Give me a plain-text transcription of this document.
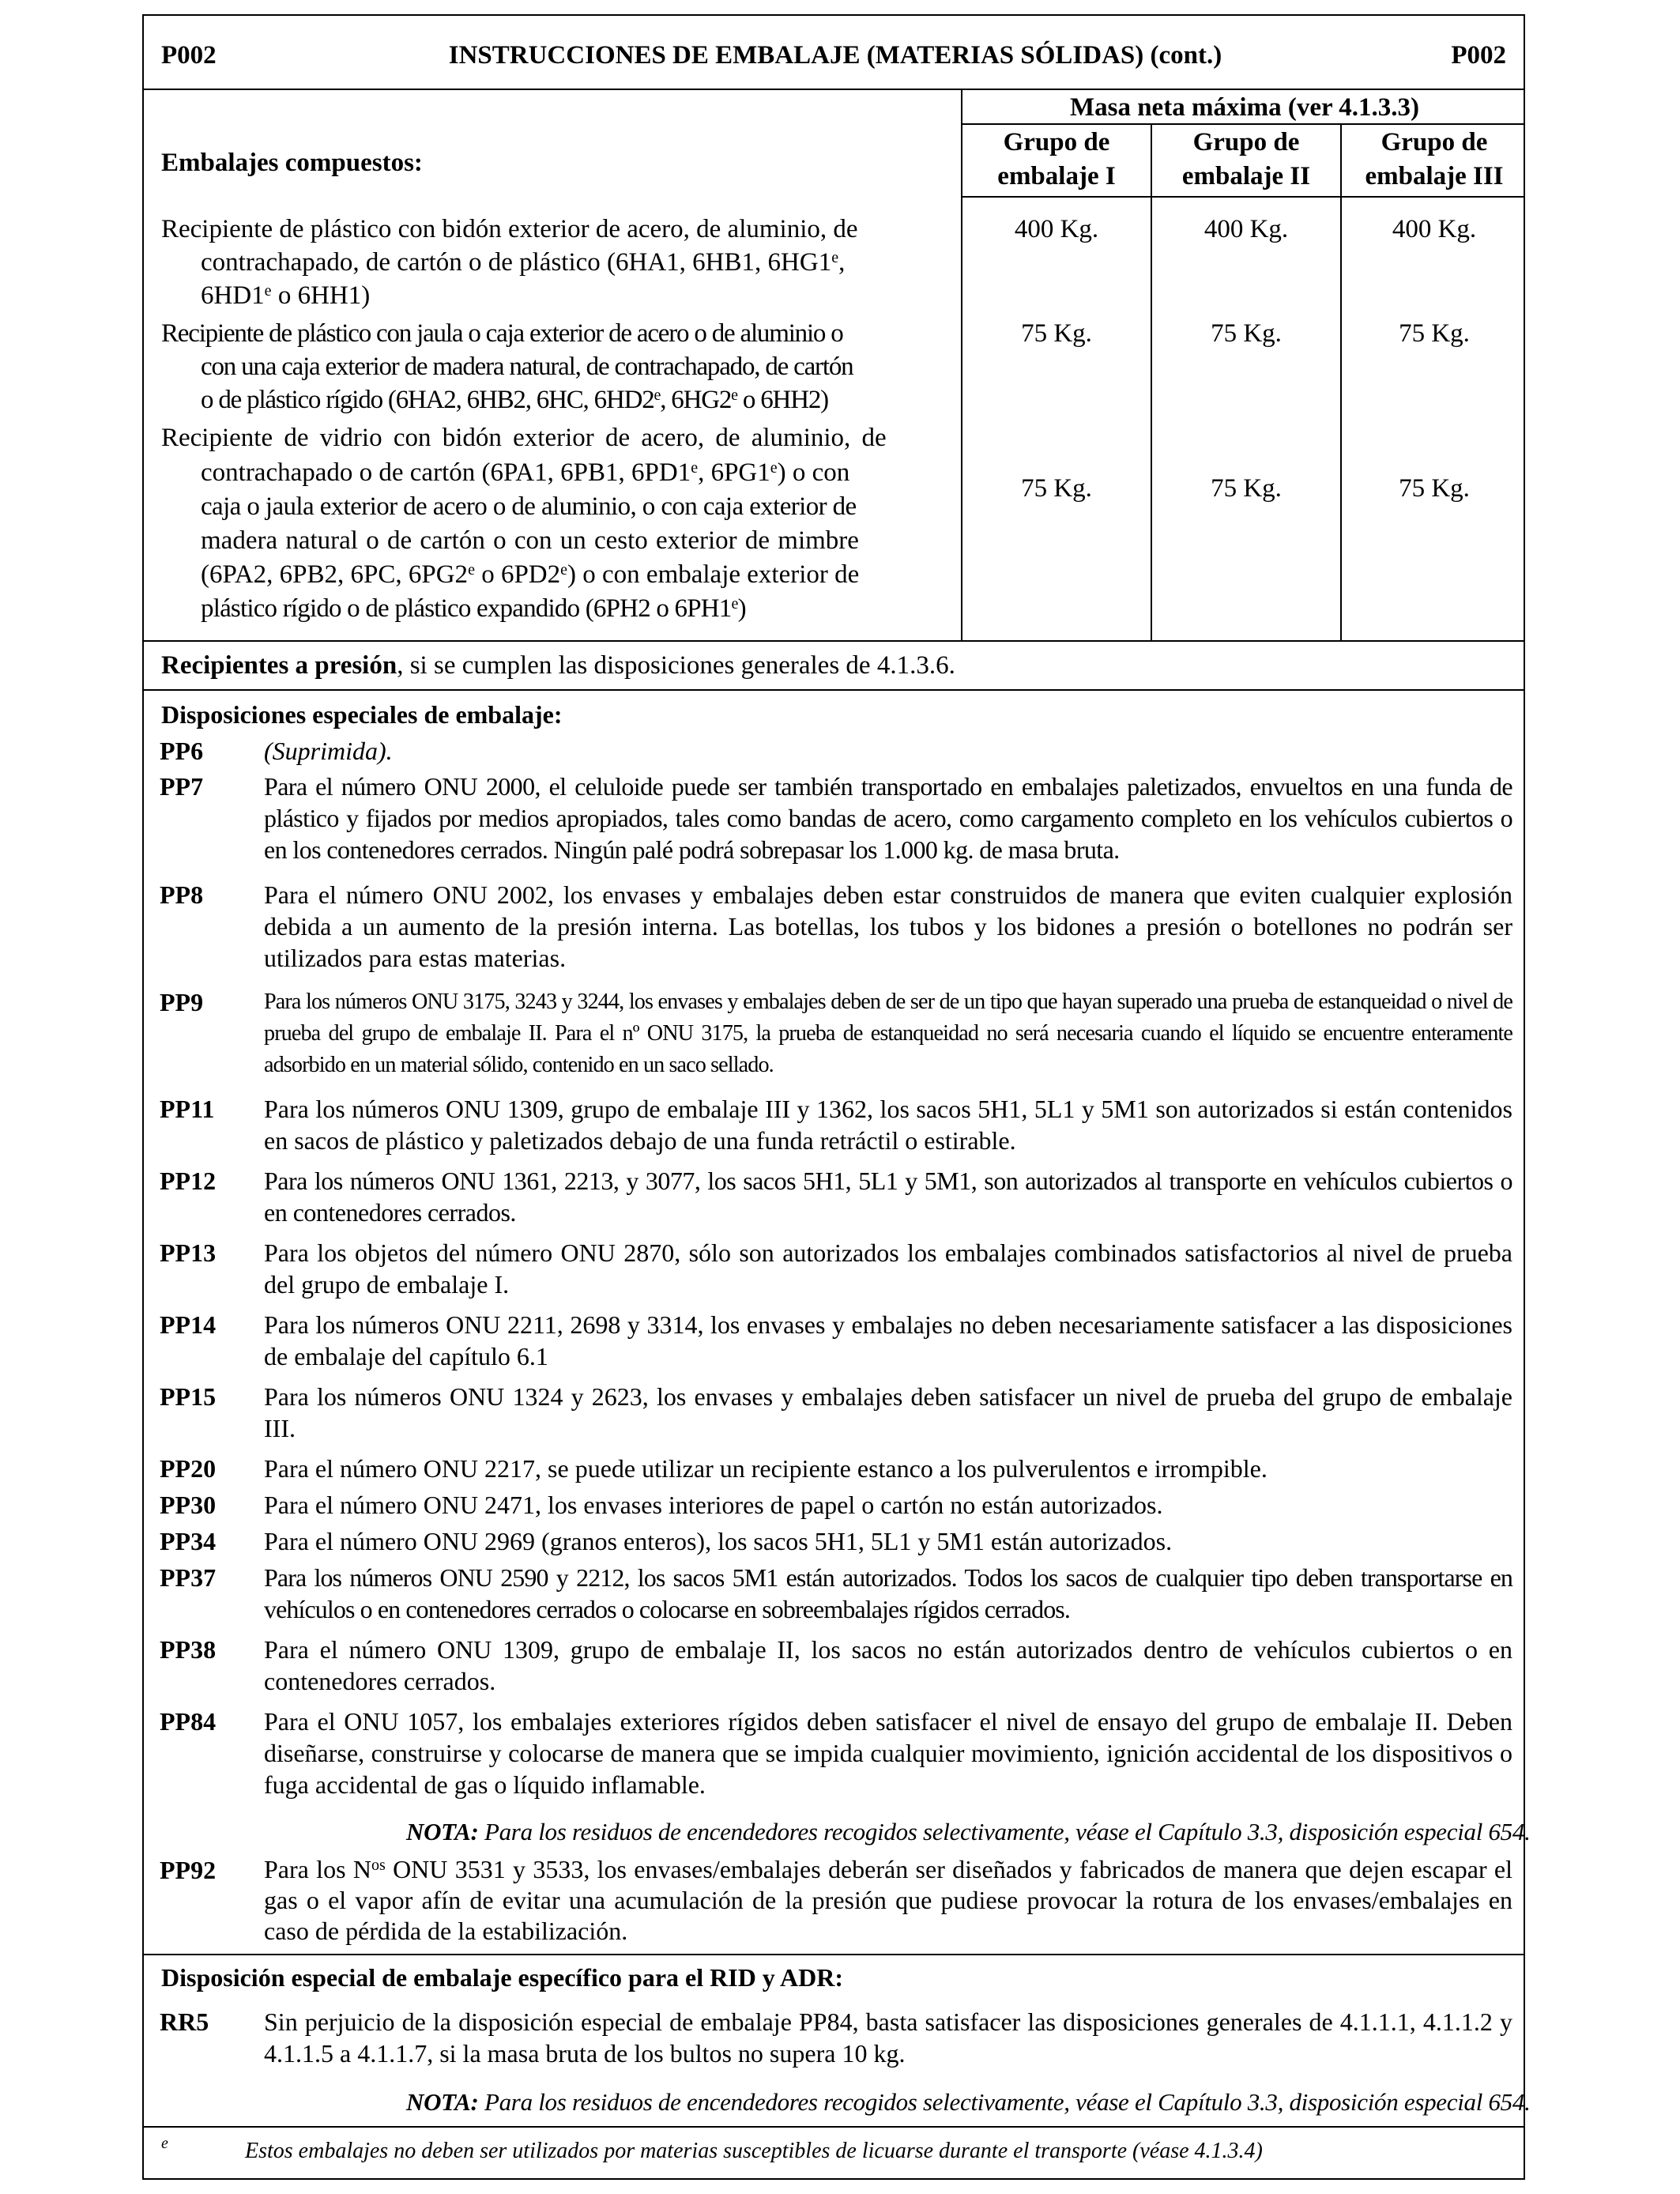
P002	INSTRUCCIONES DE EMBALAJE (MATERIAS SÓLIDAS) (cont.)	P002
Masa neta máxima (ver 4.1.3.3)
Grupo de
embalaje I
Grupo de
embalaje II
Grupo de
embalaje III
Embalajes compuestos:
Recipiente de plástico con bidón exterior de acero, de aluminio, de
contrachapado, de cartón o de plástico (6HA1, 6HB1, 6HG1e,
6HD1e o 6HH1)
400 Kg.	400 Kg.	400 Kg.
Recipiente de plástico con jaula o caja exterior de acero o de aluminio o
con una caja exterior de madera natural, de contrachapado, de cartón
o de plástico rígido (6HA2, 6HB2, 6HC, 6HD2e, 6HG2e o 6HH2)
75 Kg.	75 Kg.	75 Kg.
Recipiente de vidrio con bidón exterior de acero, de aluminio, de
contrachapado o de cartón (6PA1, 6PB1, 6PD1e, 6PG1e) o con
caja o jaula exterior de acero o de aluminio, o con caja exterior de
madera natural o de cartón o con un cesto exterior de mimbre
(6PA2, 6PB2, 6PC, 6PG2e o 6PD2e) o con embalaje exterior de
plástico rígido o de plástico expandido (6PH2 o 6PH1e)
75 Kg.	75 Kg.	75 Kg.
Recipientes a presión, si se cumplen las disposiciones generales de 4.1.3.6.
Disposiciones especiales de embalaje:
PP6 (Suprimida).
PP7 Para el número ONU 2000, el celuloide puede ser también transportado en embalajes paletizados, envueltos en una funda de plástico y fijados por medios apropiados, tales como bandas de acero, como cargamento completo en los vehículos cubiertos o en los contenedores cerrados. Ningún palé podrá sobrepasar los 1.000 kg. de masa bruta.
PP8 Para el número ONU 2002, los envases y embalajes deben estar construidos de manera que eviten cualquier explosión debida a un aumento de la presión interna. Las botellas, los tubos y los bidones a presión o botellones no podrán ser utilizados para estas materias.
PP9	Para los números ONU 3175, 3243 y 3244, los envases y embalajes deben de ser de un tipo que hayan superado una prueba de estanqueidad o nivel de prueba del grupo de embalaje II. Para el nº ONU 3175, la prueba de estanqueidad no será necesaria cuando el líquido se encuentre enteramente adsorbido en un material sólido, contenido en un saco sellado.
PP11 Para los números ONU 1309, grupo de embalaje III y 1362, los sacos 5H1, 5L1 y 5M1 son autorizados si están contenidos en sacos de plástico y paletizados debajo de una funda retráctil o estirable.
PP12 Para los números ONU 1361, 2213, y 3077, los sacos 5H1, 5L1 y 5M1, son autorizados al transporte en vehículos cubiertos o en contenedores cerrados.
PP13 Para los objetos del número ONU 2870, sólo son autorizados los embalajes combinados satisfactorios al nivel de prueba del grupo de embalaje I.
PP14 Para los números ONU 2211, 2698 y 3314, los envases y embalajes no deben necesariamente satisfacer a las disposiciones de embalaje del capítulo 6.1
PP15 Para los números ONU 1324 y 2623, los envases y embalajes deben satisfacer un nivel de prueba del grupo de embalaje III.
PP20 Para el número ONU 2217, se puede utilizar un recipiente estanco a los pulverulentos e irrompible.
PP30 Para el número ONU 2471, los envases interiores de papel o cartón no están autorizados.
PP34 Para el número ONU 2969 (granos enteros), los sacos 5H1, 5L1 y 5M1 están autorizados.
PP37 Para los números ONU 2590 y 2212, los sacos 5M1 están autorizados. Todos los sacos de cualquier tipo deben transportarse en vehículos o en contenedores cerrados o colocarse en sobreembalajes rígidos cerrados.
PP38 Para el número ONU 1309, grupo de embalaje II, los sacos no están autorizados dentro de vehículos cubiertos o en contenedores cerrados.
PP84 Para el ONU 1057, los embalajes exteriores rígidos deben satisfacer el nivel de ensayo del grupo de embalaje II. Deben diseñarse, construirse y colocarse de manera que se impida cualquier movimiento, ignición accidental de los dispositivos o fuga accidental de gas o líquido inflamable.
NOTA: Para los residuos de encendedores recogidos selectivamente, véase el Capítulo 3.3, disposición especial 654.
PP92 Para los $N^{os}$ ONU 3531 y 3533, los envases/embalajes deberán ser diseñados y fabricados de manera que dejen escapar el gas o el vapor afín de evitar una acumulación de la presión que pudiese provocar la rotura de los envases/embalajes en caso de pérdida de la estabilización.
Disposición especial de embalaje específico para el RID y ADR:
RR5 Sin perjuicio de la disposición especial de embalaje PP84, basta satisfacer las disposiciones generales de 4.1.1.1, 4.1.1.2 y 4.1.1.5 a 4.1.1.7, si la masa bruta de los bultos no supera 10 kg.
NOTA: Para los residuos de encendedores recogidos selectivamente, véase el Capítulo 3.3, disposición especial 654.
e	Estos embalajes no deben ser utilizados por materias susceptibles de licuarse durante el transporte (véase 4.1.3.4)
